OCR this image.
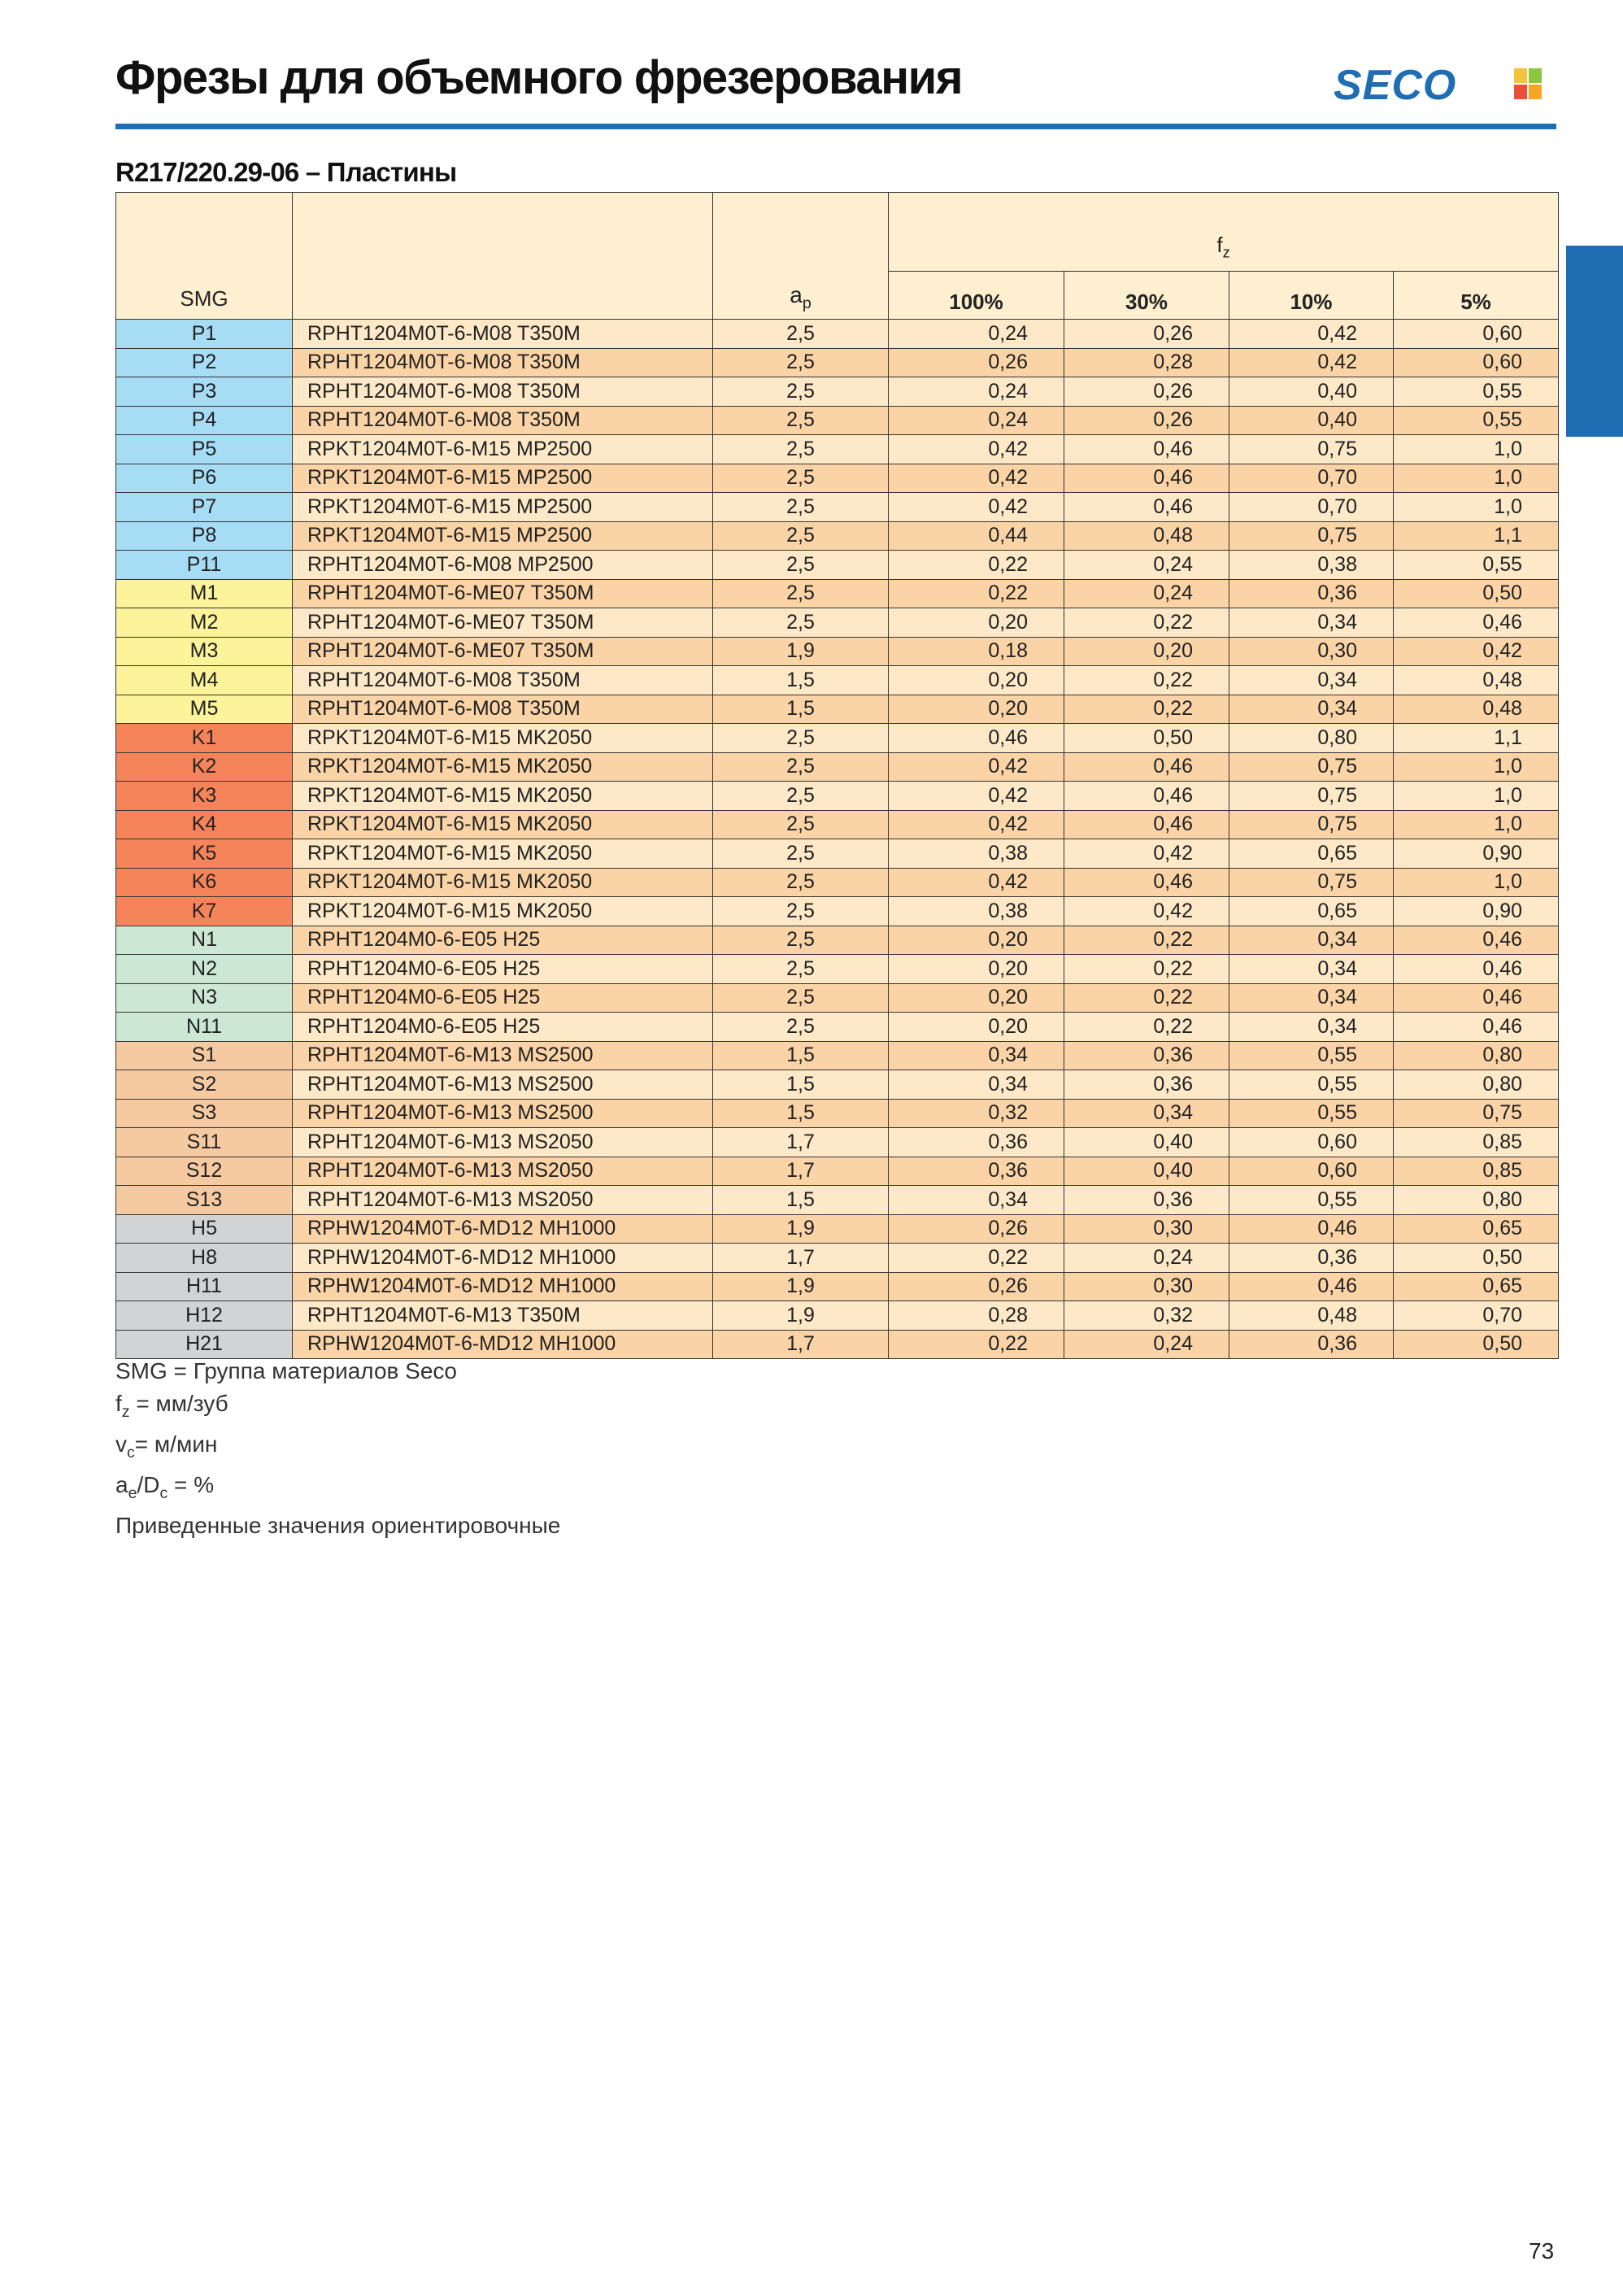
Фрезы для объемного фрезерования	SECO
R217/220.29-06 – Пластины
SMG		$a_p$	$f_z$
			100%	30%	10%	5%
P1	RPHT1204M0T-6-M08 T350M	2,5	0,24	0,26	0,42	0,60
P2	RPHT1204M0T-6-M08 T350M	2,5	0,26	0,28	0,42	0,60
P3	RPHT1204M0T-6-M08 T350M	2,5	0,24	0,26	0,40	0,55
P4	RPHT1204M0T-6-M08 T350M	2,5	0,24	0,26	0,40	0,55
P5	RPKT1204M0T-6-M15 MP2500	2,5	0,42	0,46	0,75	1,0
P6	RPKT1204M0T-6-M15 MP2500	2,5	0,42	0,46	0,70	1,0
P7	RPKT1204M0T-6-M15 MP2500	2,5	0,42	0,46	0,70	1,0
P8	RPKT1204M0T-6-M15 MP2500	2,5	0,44	0,48	0,75	1,1
P11	RPHT1204M0T-6-M08 MP2500	2,5	0,22	0,24	0,38	0,55
M1	RPHT1204M0T-6-ME07 T350M	2,5	0,22	0,24	0,36	0,50
M2	RPHT1204M0T-6-ME07 T350M	2,5	0,20	0,22	0,34	0,46
M3	RPHT1204M0T-6-ME07 T350M	1,9	0,18	0,20	0,30	0,42
M4	RPHT1204M0T-6-M08 T350M	1,5	0,20	0,22	0,34	0,48
M5	RPHT1204M0T-6-M08 T350M	1,5	0,20	0,22	0,34	0,48
K1	RPKT1204M0T-6-M15 MK2050	2,5	0,46	0,50	0,80	1,1
K2	RPKT1204M0T-6-M15 MK2050	2,5	0,42	0,46	0,75	1,0
K3	RPKT1204M0T-6-M15 MK2050	2,5	0,42	0,46	0,75	1,0
K4	RPKT1204M0T-6-M15 MK2050	2,5	0,42	0,46	0,75	1,0
K5	RPKT1204M0T-6-M15 MK2050	2,5	0,38	0,42	0,65	0,90
K6	RPKT1204M0T-6-M15 MK2050	2,5	0,42	0,46	0,75	1,0
K7	RPKT1204M0T-6-M15 MK2050	2,5	0,38	0,42	0,65	0,90
N1	RPHT1204M0-6-E05 H25	2,5	0,20	0,22	0,34	0,46
N2	RPHT1204M0-6-E05 H25	2,5	0,20	0,22	0,34	0,46
N3	RPHT1204M0-6-E05 H25	2,5	0,20	0,22	0,34	0,46
N11	RPHT1204M0-6-E05 H25	2,5	0,20	0,22	0,34	0,46
S1	RPHT1204M0T-6-M13 MS2500	1,5	0,34	0,36	0,55	0,80
S2	RPHT1204M0T-6-M13 MS2500	1,5	0,34	0,36	0,55	0,80
S3	RPHT1204M0T-6-M13 MS2500	1,5	0,32	0,34	0,55	0,75
S11	RPHT1204M0T-6-M13 MS2050	1,7	0,36	0,40	0,60	0,85
S12	RPHT1204M0T-6-M13 MS2050	1,7	0,36	0,40	0,60	0,85
S13	RPHT1204M0T-6-M13 MS2050	1,5	0,34	0,36	0,55	0,80
H5	RPHW1204M0T-6-MD12 MH1000	1,9	0,26	0,30	0,46	0,65
H8	RPHW1204M0T-6-MD12 MH1000	1,7	0,22	0,24	0,36	0,50
H11	RPHW1204M0T-6-MD12 MH1000	1,9	0,26	0,30	0,46	0,65
H12	RPHT1204M0T-6-M13 T350M	1,9	0,28	0,32	0,48	0,70
H21	RPHW1204M0T-6-MD12 MH1000	1,7	0,22	0,24	0,36	0,50
SMG = Группа материалов Seco
$f_z = мм/зуб$
$v_c= м/мин$
$a_e/D_c$ = %
Приведенные значения ориентировочные
73
